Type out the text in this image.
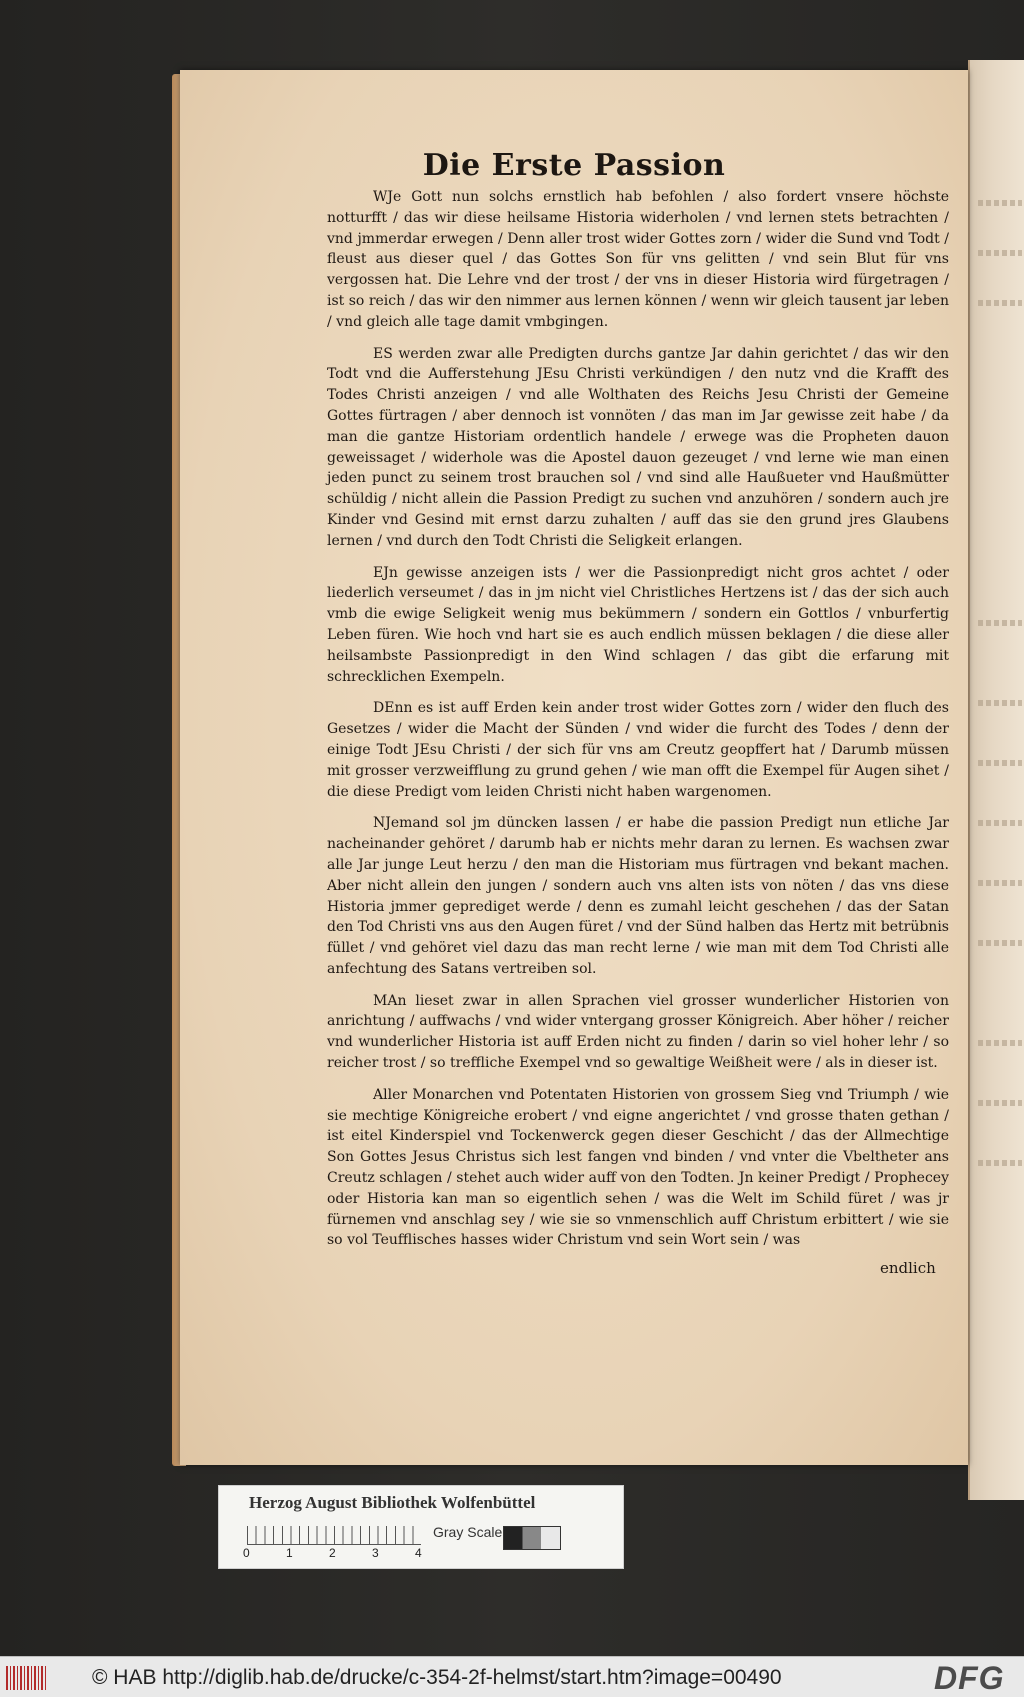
Die Erste Passion

WJe Gott nun solchs ernstlich hab befohlen / also fordert vnsere höchste notturfft / das wir diese heilsame Historia widerholen / vnd lernen stets betrachten / vnd jmmerdar erwegen / Denn aller trost wider Gottes zorn / wider die Sund vnd Todt / fleust aus dieser quel / das Gottes Son für vns gelitten / vnd sein Blut für vns vergossen hat. Die Lehre vnd der trost / der vns in dieser Historia wird fürgetragen / ist so reich / das wir den nimmer aus lernen können / wenn wir gleich tausent jar leben / vnd gleich alle tage damit vmbgingen.

ES werden zwar alle Predigten durchs gantze Jar dahin gerichtet / das wir den Todt vnd die Aufferstehung JEsu Christi verkündigen / den nutz vnd die Krafft des Todes Christi anzeigen / vnd alle Wolthaten des Reichs Jesu Christi der Gemeine Gottes fürtragen / aber dennoch ist vonnöten / das man im Jar gewisse zeit habe / da man die gantze Historiam ordentlich handele / erwege was die Propheten dauon geweissaget / widerhole was die Apostel dauon gezeuget / vnd lerne wie man einen jeden punct zu seinem trost brauchen sol / vnd sind alle Haußueter vnd Haußmütter schüldig / nicht allein die Passion Predigt zu suchen vnd anzuhören / sondern auch jre Kinder vnd Gesind mit ernst darzu zuhalten / auff das sie den grund jres Glaubens lernen / vnd durch den Todt Christi die Seligkeit erlangen.

EJn gewisse anzeigen ists / wer die Passionpredigt nicht gros achtet / oder liederlich verseumet / das in jm nicht viel Christliches Hertzens ist / das der sich auch vmb die ewige Seligkeit wenig mus bekümmern / sondern ein Gottlos / vnburfertig Leben füren. Wie hoch vnd hart sie es auch endlich müssen beklagen / die diese aller heilsambste Passionpredigt in den Wind schlagen / das gibt die erfarung mit schrecklichen Exempeln.

DEnn es ist auff Erden kein ander trost wider Gottes zorn / wider den fluch des Gesetzes / wider die Macht der Sünden / vnd wider die furcht des Todes / denn der einige Todt JEsu Christi / der sich für vns am Creutz geopffert hat / Darumb müssen mit grosser verzweifflung zu grund gehen / wie man offt die Exempel für Augen sihet / die diese Predigt vom leiden Christi nicht haben wargenomen.

NJemand sol jm düncken lassen / er habe die passion Predigt nun etliche Jar nacheinander gehöret / darumb hab er nichts mehr daran zu lernen. Es wachsen zwar alle Jar junge Leut herzu / den man die Historiam mus fürtragen vnd bekant machen. Aber nicht allein den jungen / sondern auch vns alten ists von nöten / das vns diese Historia jmmer geprediget werde / denn es zumahl leicht geschehen / das der Satan den Tod Christi vns aus den Augen füret / vnd der Sünd halben das Hertz mit betrübnis füllet / vnd gehöret viel dazu das man recht lerne / wie man mit dem Tod Christi alle anfechtung des Satans vertreiben sol.

MAn lieset zwar in allen Sprachen viel grosser wunderlicher Historien von anrichtung / auffwachs / vnd wider vntergang grosser Königreich. Aber höher / reicher vnd wunderlicher Historia ist auff Erden nicht zu finden / darin so viel hoher lehr / so reicher trost / so treffliche Exempel vnd so gewaltige Weißheit were / als in dieser ist.

Aller Monarchen vnd Potentaten Historien von grossem Sieg vnd Triumph / wie sie mechtige Königreiche erobert / vnd eigne angerichtet / vnd grosse thaten gethan / ist eitel Kinderspiel vnd Tockenwerck gegen dieser Geschicht / das der Allmechtige Son Gottes Jesus Christus sich lest fangen vnd binden / vnd vnter die Vbeltheter ans Creutz schlagen / stehet auch wider auff von den Todten. Jn keiner Predigt / Prophecey oder Historia kan man so eigentlich sehen / was die Welt im Schild füret / was jr fürnemen vnd anschlag sey / wie sie so vnmenschlich auff Christum erbittert / wie sie so vol Teufflisches hasses wider Christum vnd sein Wort sein / was

endlich
Herzog August Bibliothek Wolfenbüttel
0	1	2	3	4
Gray Scale
© HAB http://diglib.hab.de/drucke/c-354-2f-helmst/start.htm?image=00490	DFG
